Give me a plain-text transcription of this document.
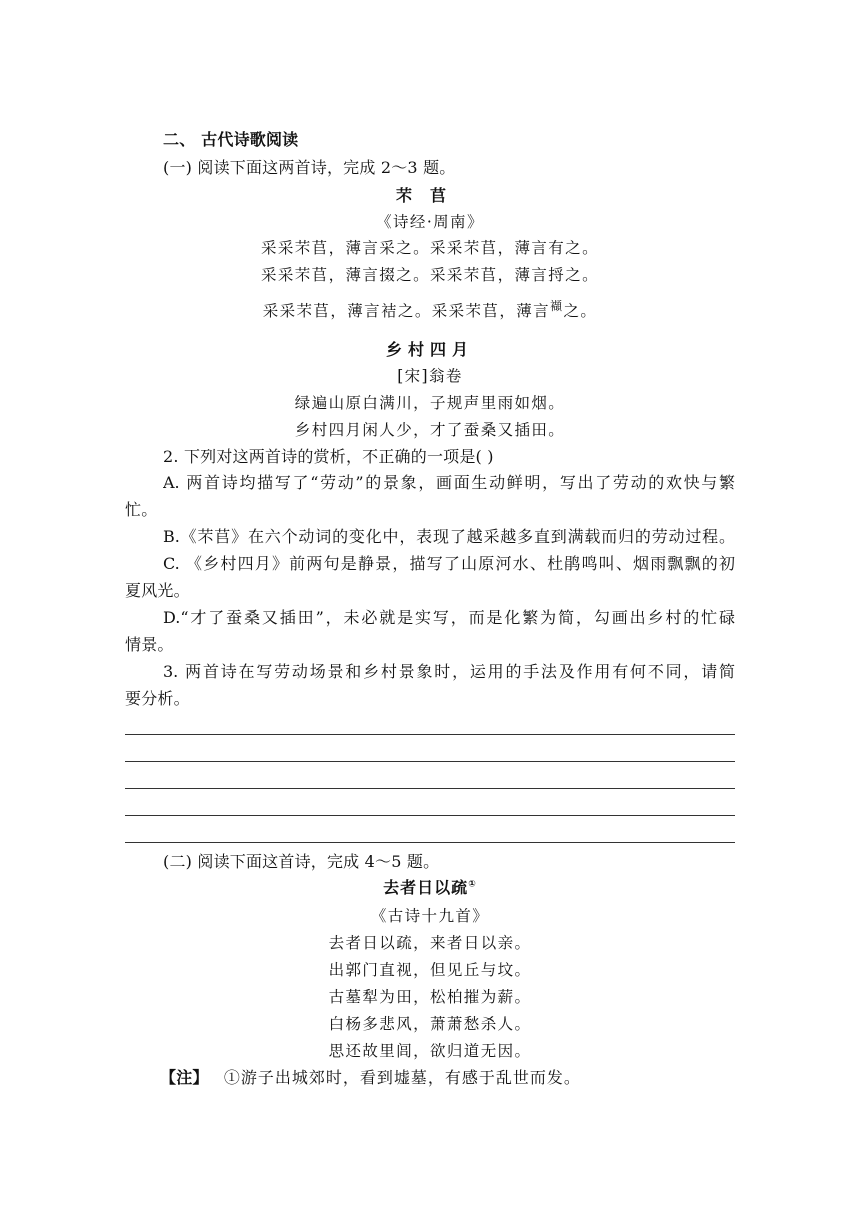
二、 古代诗歌阅读
(一) 阅读下面这两首诗，完成 2～3 题。
芣苢
《诗经·周南》
采采芣苢，薄言采之。采采芣苢，薄言有之。
采采芣苢，薄言掇之。采采芣苢，薄言捋之。
采采芣苢，薄言袺之。采采芣苢，薄言$^襭$之。
乡村四月
[宋]翁卷
绿遍山原白满川，子规声里雨如烟。
乡村四月闲人少，才了蚕桑又插田。
2. 下列对这两首诗的赏析，不正确的一项是( )
A. 两首诗均描写了“劳动”的景象，画面生动鲜明，写出了劳动的欢快与繁
忙。
B.《芣苢》在六个动词的变化中，表现了越采越多直到满载而归的劳动过程。
C. 《乡村四月》前两句是静景，描写了山原河水、杜鹃鸣叫、烟雨飘飘的初
夏风光。
D.“才了蚕桑又插田”，未必就是实写，而是化繁为简，勾画出乡村的忙碌
情景。
3. 两首诗在写劳动场景和乡村景象时，运用的手法及作用有何不同，请简
要分析。
(二) 阅读下面这首诗，完成 4～5 题。
去者日以疏①
《古诗十九首》
去者日以疏，来者日以亲。
出郭门直视，但见丘与坟。
古墓犁为田，松柏摧为薪。
白杨多悲风，萧萧愁杀人。
思还故里闾，欲归道无因。
【注】 ①游子出城郊时，看到墟墓，有感于乱世而发。
